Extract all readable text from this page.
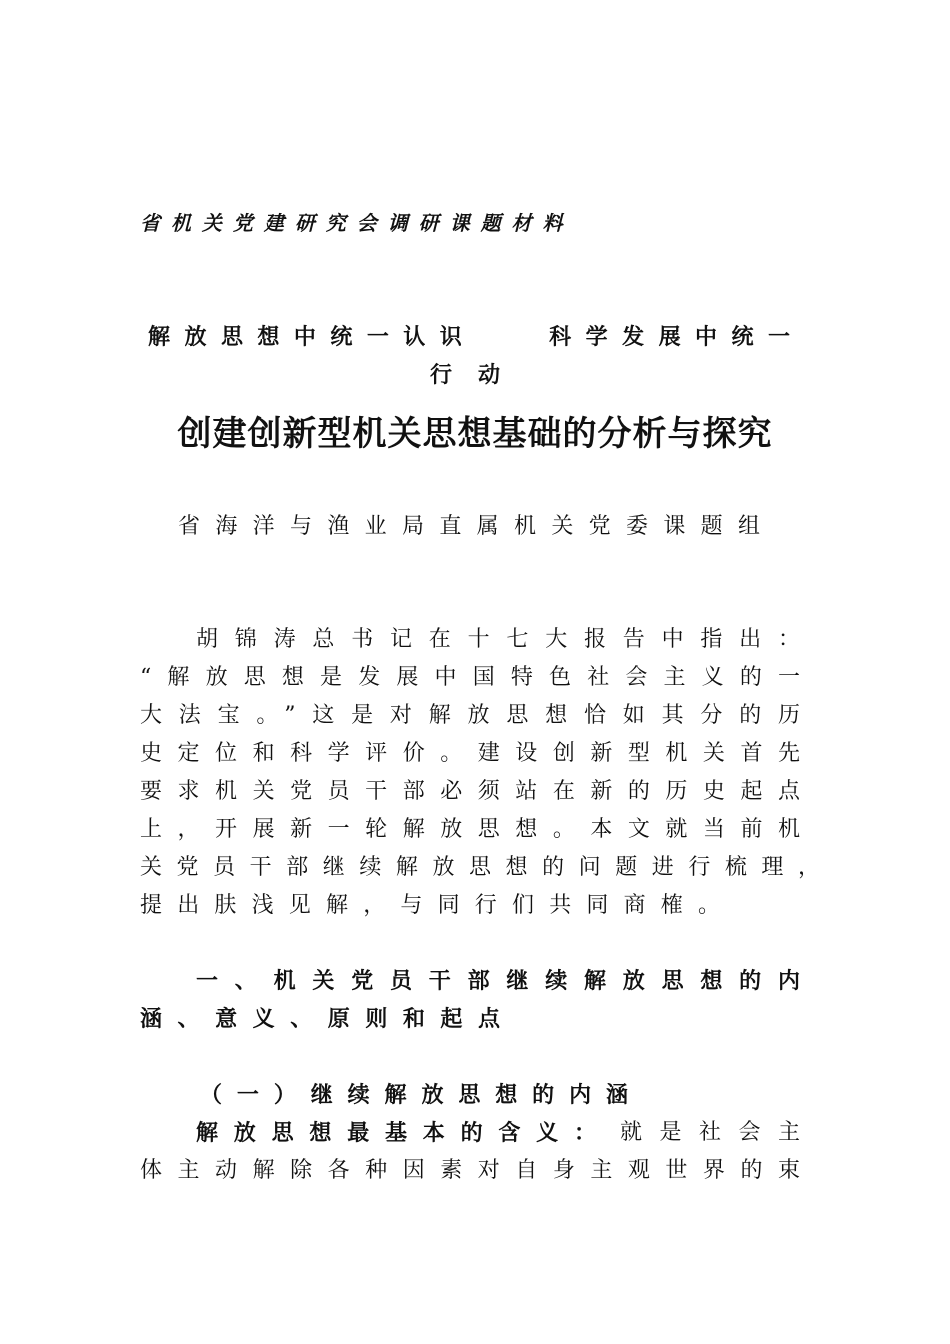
省 机 关 党 建 研 究 会 调 研 课 题 材 料
解放思想中统一认识　　科学发展中统一
行动
创建创新型机关思想基础的分析与探究
省海洋与渔业局直属机关党委课题组
胡锦涛总书记在十七大报告中指出：
“解放思想是发展中国特色社会主义的一
大法宝。”这是对解放思想恰如其分的历
史定位和科学评价。建设创新型机关首先
要求机关党员干部必须站在新的历史起点
上，开展新一轮解放思想。本文就当前机
关党员干部继续解放思想的问题进行梳理，
提出肤浅见解，与同行们共同商榷。
一、机关党员干部继续解放思想的内
涵、意义、原则和起点
（一）继续解放思想的内涵
解放思想最基本的含义： 就是社会主
体主动解除各种因素对自身主观世界的束
